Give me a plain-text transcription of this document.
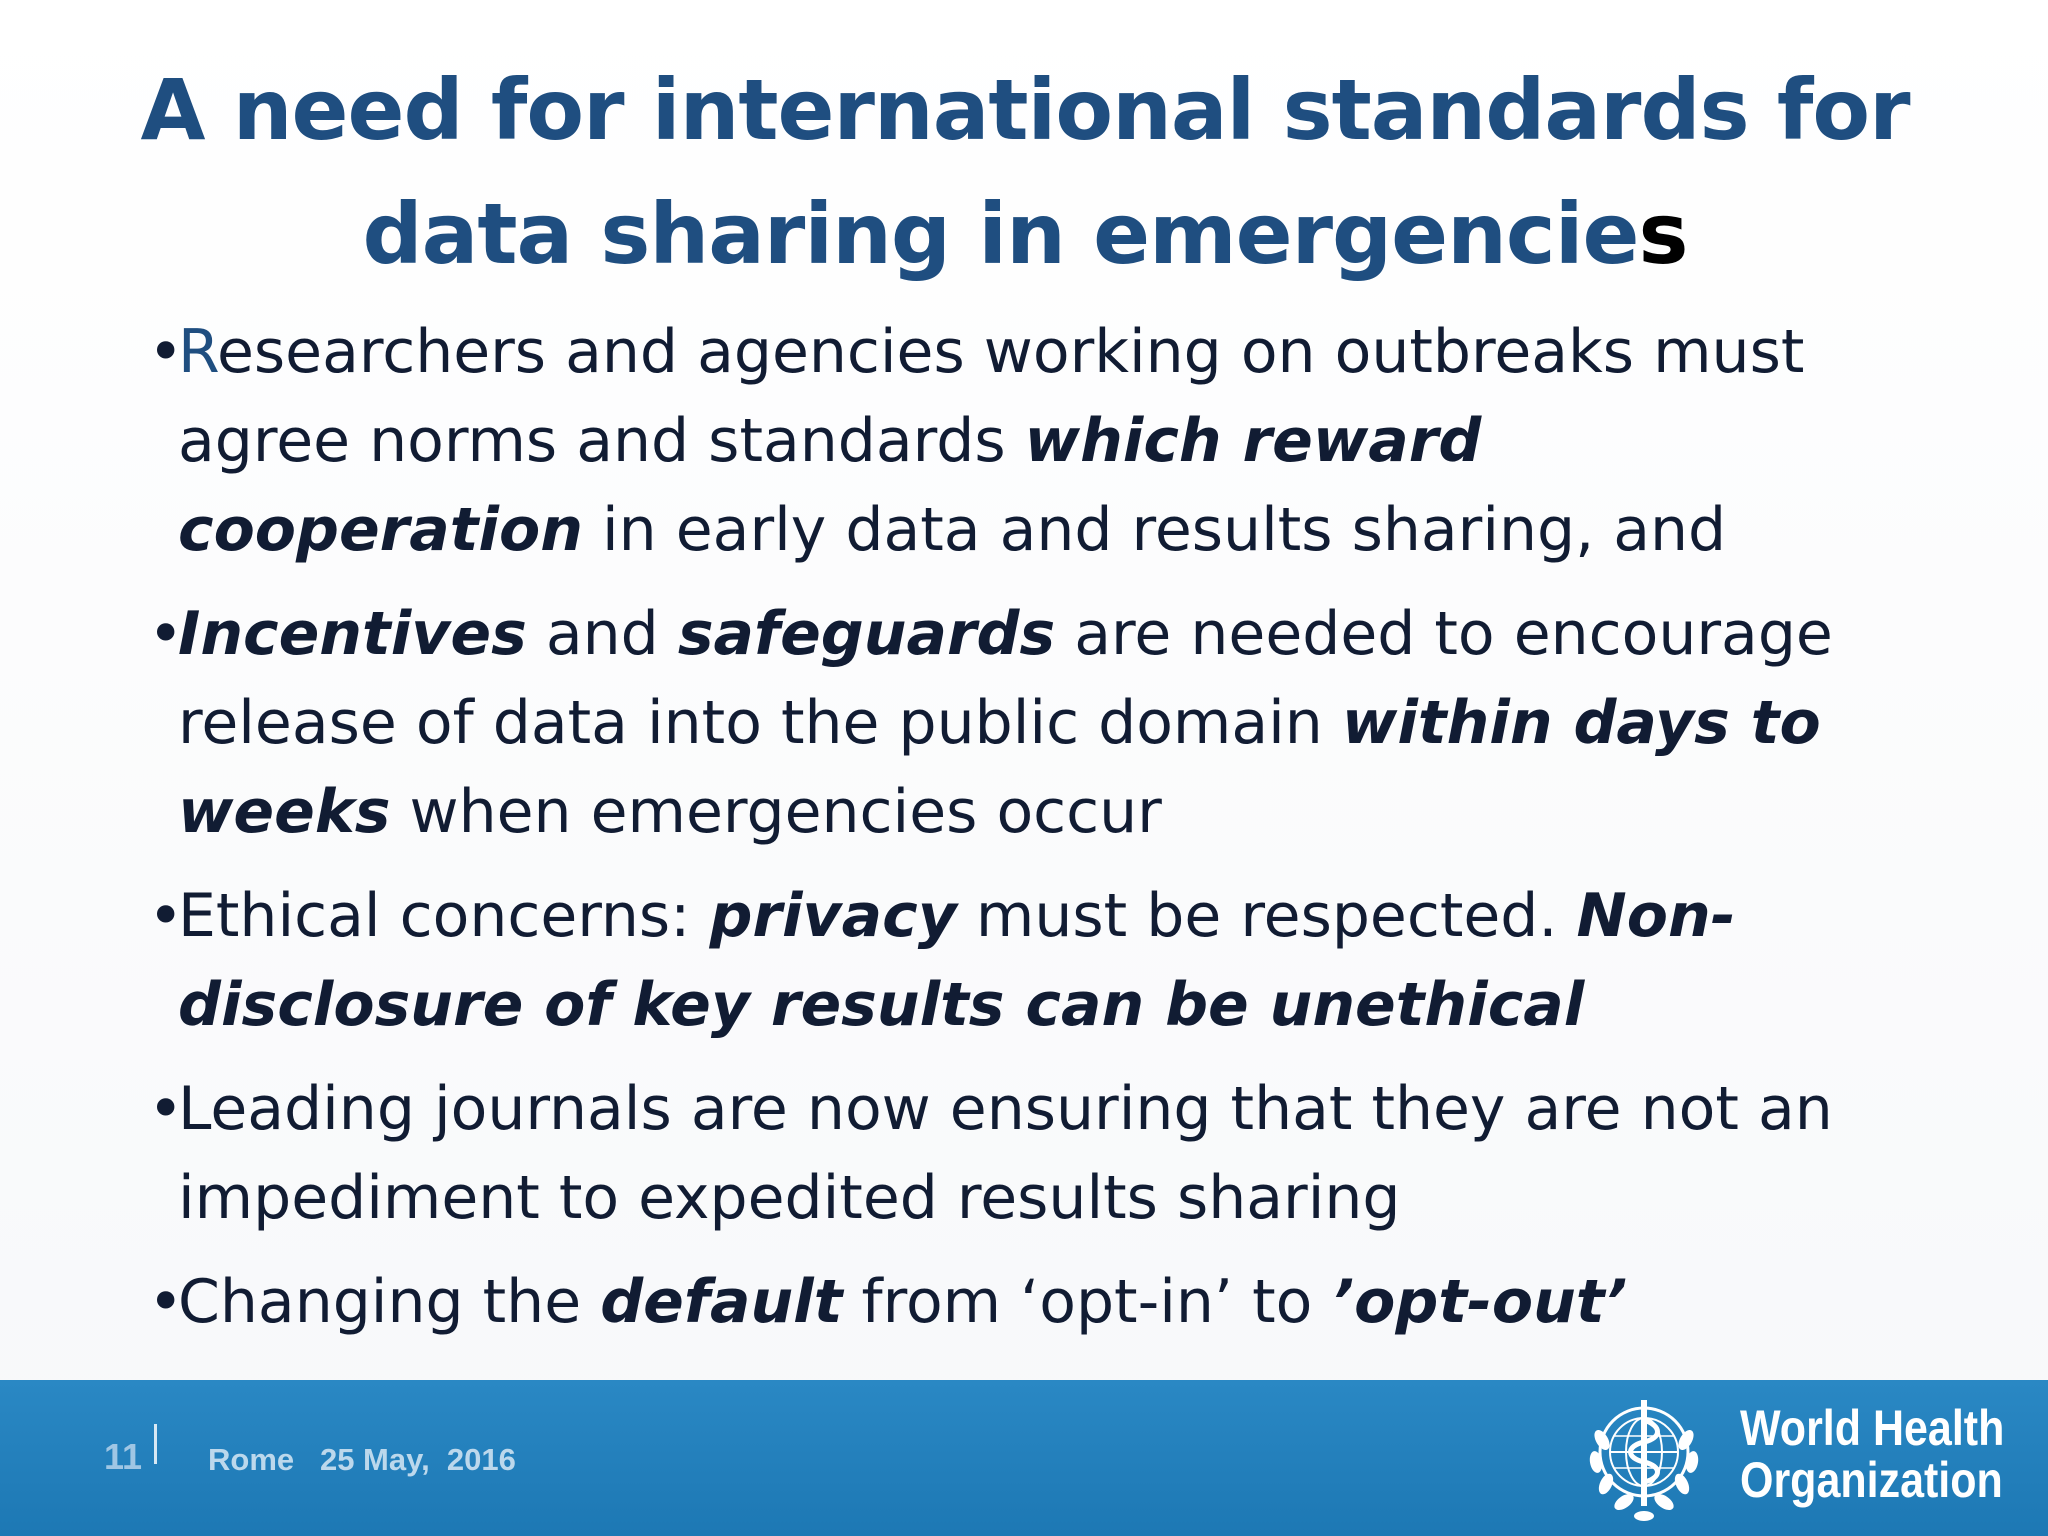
A need for international standards for data sharing in emergencies
• Researchers and agencies working on outbreaks must agree norms and standards which reward cooperation in early data and results sharing, and
• Incentives and safeguards are needed to encourage release of data into the public domain within days to weeks when emergencies occur
• Ethical concerns: privacy must be respected. Non-disclosure of key results can be unethical
• Leading journals are now ensuring that they are not an impediment to expedited results sharing
• Changing the default from ‘opt-in’ to ’opt-out’
11 Rome   25 May,  2016
World Health
Organization
